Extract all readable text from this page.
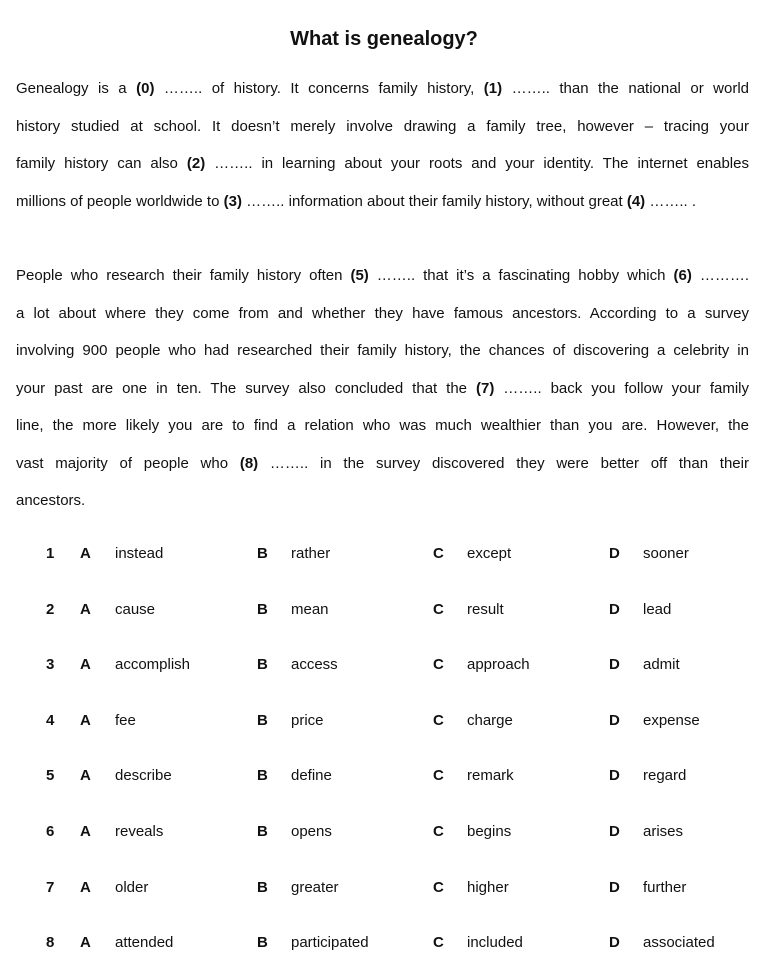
What is genealogy?
Genealogy is a (0) …….. of history. It concerns family history, (1) …….. than the national or world
history studied at school. It doesn’t merely involve drawing a family tree, however – tracing your
family history can also (2) …….. in learning about your roots and your identity. The internet enables
millions of people worldwide to (3) …….. information about their family history, without great (4) …….. .
People who research their family history often (5) …….. that it’s a fascinating hobby which (6) ……….
a lot about where they come from and whether they have famous ancestors. According to a survey
involving 900 people who had researched their family history, the chances of discovering a celebrity in
your past are one in ten. The survey also concluded that the (7) …….. back you follow your family
line, the more likely you are to find a relation who was much wealthier than you are. However, the
vast majority of people who (8) …….. in the survey discovered they were better off than their
ancestors.
1 A instead	B rather	C except	D sooner
2 A cause	B mean	C result	D lead
3 A accomplish	B access	C approach	D admit
4 A fee	B price	C charge	D expense
5 A describe	B define	C remark	D regard
6 A reveals	B opens	C begins	D arises
7 A older	B greater	C higher	D further
8 A attended	B participated	C included	D associated
